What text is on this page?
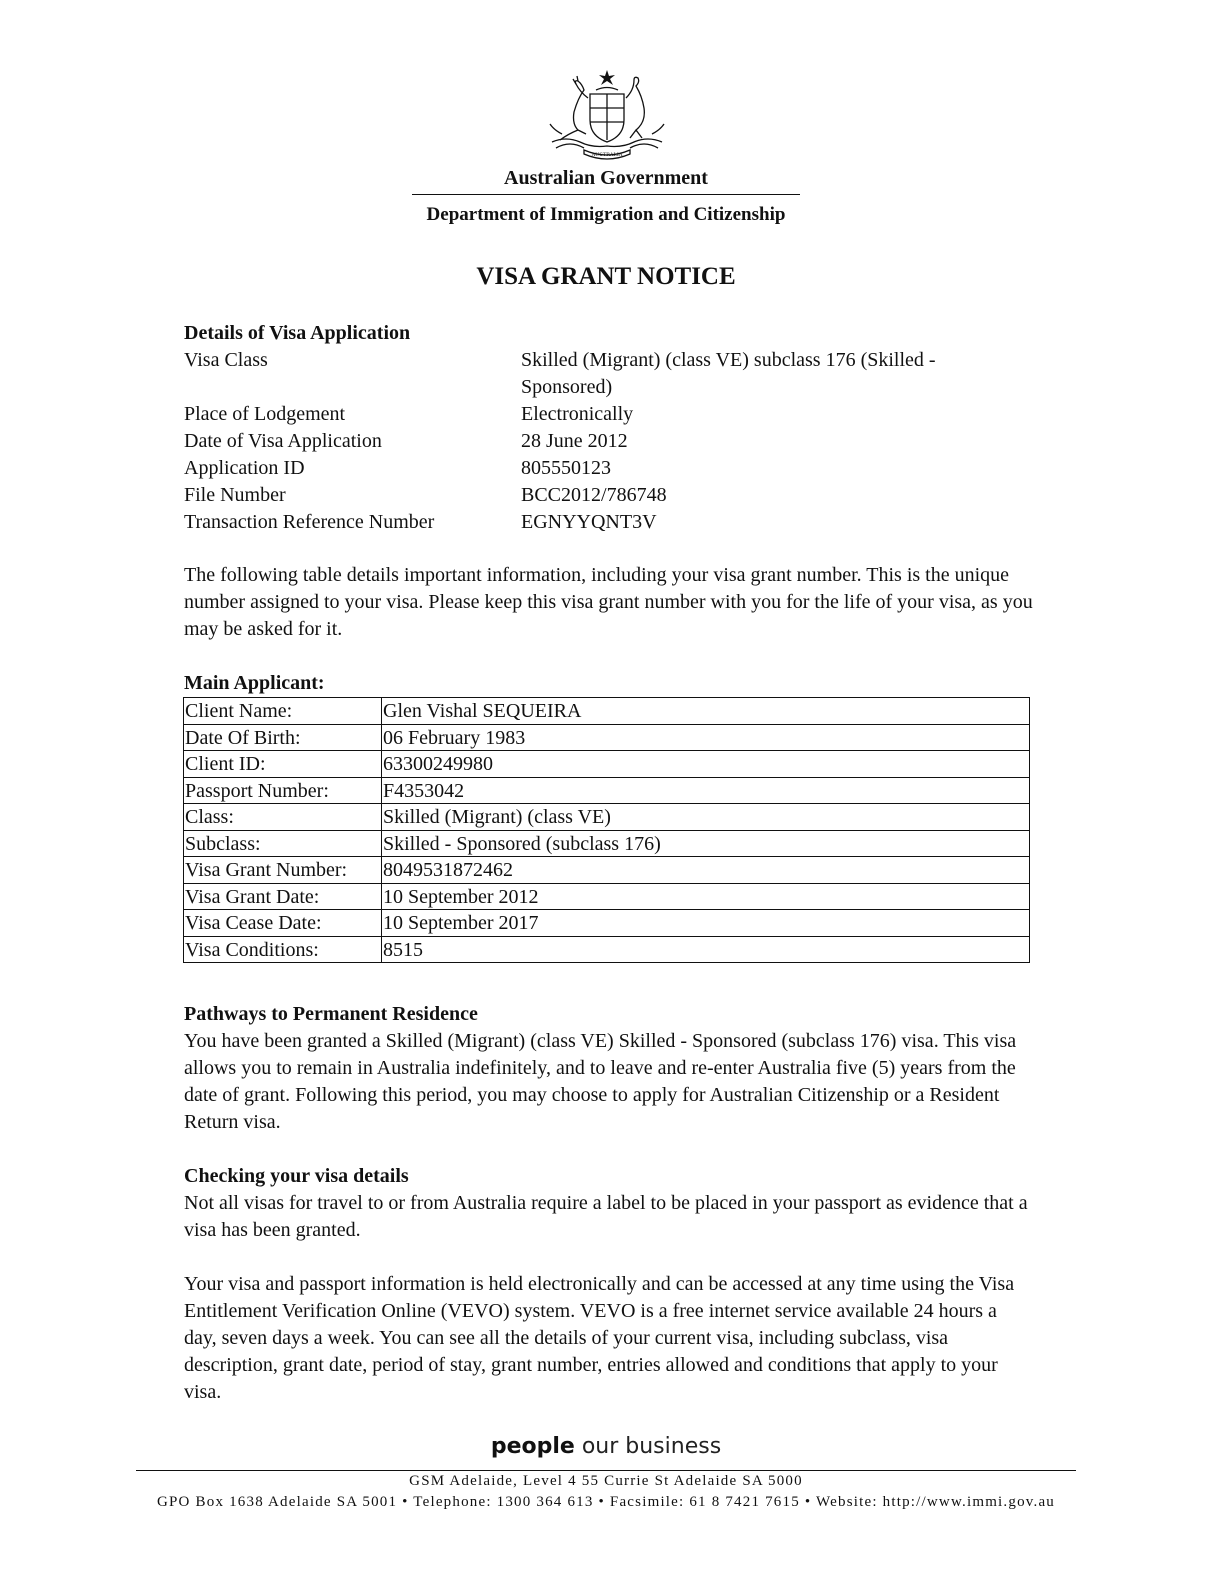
AUSTRALIA
Australian Government
Department of Immigration and Citizenship
VISA GRANT NOTICE
Details of Visa Application
Visa Class	Skilled (Migrant) (class VE) subclass 176 (Skilled - Sponsored)
Place of Lodgement	Electronically
Date of Visa Application	28 June 2012
Application ID	805550123
File Number	BCC2012/786748
Transaction Reference Number	EGNYYQNT3V

The following table details important information, including your visa grant number. This is the unique number assigned to your visa. Please keep this visa grant number with you for the life of your visa, as you may be asked for it.

Main Applicant:
Client Name:	Glen Vishal SEQUEIRA
Date Of Birth:	06 February 1983
Client ID:	63300249980
Passport Number:	F4353042
Class:	Skilled (Migrant) (class VE)
Subclass:	Skilled - Sponsored (subclass 176)
Visa Grant Number:	8049531872462
Visa Grant Date:	10 September 2012
Visa Cease Date:	10 September 2017
Visa Conditions:	8515
Pathways to Permanent Residence

You have been granted a Skilled (Migrant) (class VE) Skilled - Sponsored (subclass 176) visa. This visa allows you to remain in Australia indefinitely, and to leave and re-enter Australia five (5) years from the date of grant. Following this period, you may choose to apply for Australian Citizenship or a Resident Return visa.

Checking your visa details

Not all visas for travel to or from Australia require a label to be placed in your passport as evidence that a visa has been granted.

Your visa and passport information is held electronically and can be accessed at any time using the Visa Entitlement Verification Online (VEVO) system. VEVO is a free internet service available 24 hours a day, seven days a week. You can see all the details of your current visa, including subclass, visa description, grant date, period of stay, grant number, entries allowed and conditions that apply to your visa.

people our business
GSM Adelaide, Level 4 55 Currie St Adelaide SA 5000
GPO Box 1638 Adelaide SA 5001 • Telephone: 1300 364 613 • Facsimile: 61 8 7421 7615 • Website: http://www.immi.gov.au
